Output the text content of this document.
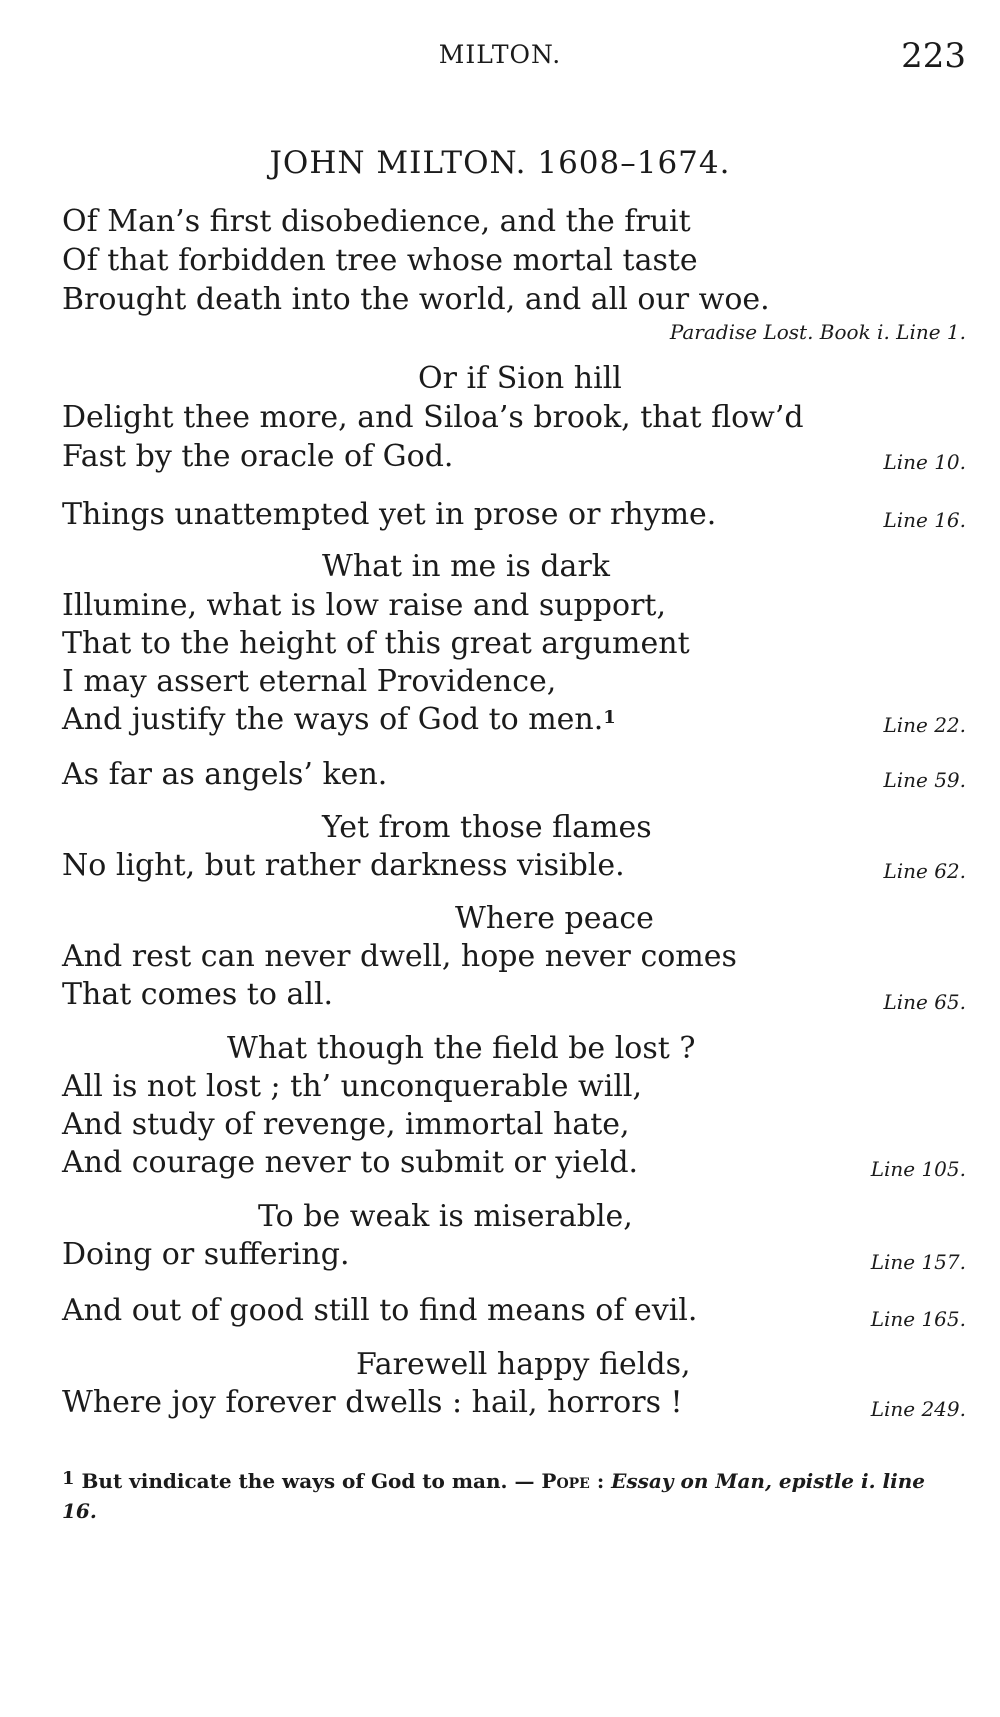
MILTON.	223
JOHN MILTON. 1608–1674.
Of Man’s first disobedience, and the fruit
Of that forbidden tree whose mortal taste
Brought death into the world, and all our woe.
Paradise Lost. Book i. Line 1.
Or if Sion hill
Delight thee more, and Siloa’s brook, that flow’d
Fast by the oracle of God.	Line 10.
Things unattempted yet in prose or rhyme.	Line 16.
What in me is dark
Illumine, what is low raise and support,
That to the height of this great argument
I may assert eternal Providence,
And justify the ways of God to men.$^1$	Line 22.
As far as angels’ ken.	Line 59.
Yet from those flames
No light, but rather darkness visible.	Line 62.
Where peace
And rest can never dwell, hope never comes
That comes to all.	Line 65.
What though the field be lost ?
All is not lost ; th’ unconquerable will,
And study of revenge, immortal hate,
And courage never to submit or yield.	Line 105.
To be weak is miserable,
Doing or suffering.	Line 157.
And out of good still to find means of evil.	Line 165.
Farewell happy fields,
Where joy forever dwells : hail, horrors !	Line 249.
$^1$ But vindicate the ways of God to man. — Pope : Essay on Man, epistle i. line 16.
